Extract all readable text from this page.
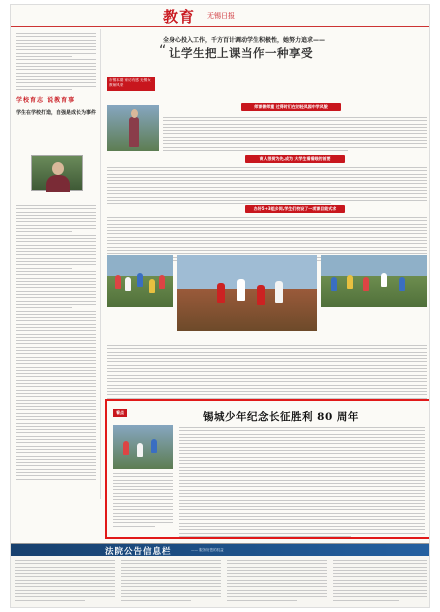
教育 无锡日报
学校育志 说教育事
学生在学校打造，自强是成长为事件
全身心投入工作，千方百计调动学生积极性，她努力追求——
“ 让学生把上课当作一种享受
市锡本期 家访有感 无锡女教师风采
师课善师重 过得时们在初轻凤园中学风貌
育人很荷为先,成为 大学生看看眼的首要
办好5+3组乡间,学生们校设了一项课目能式求
看点	锡城少年纪念长征胜利 80 周年
法院公告信息栏	—— 服务好您的权益
